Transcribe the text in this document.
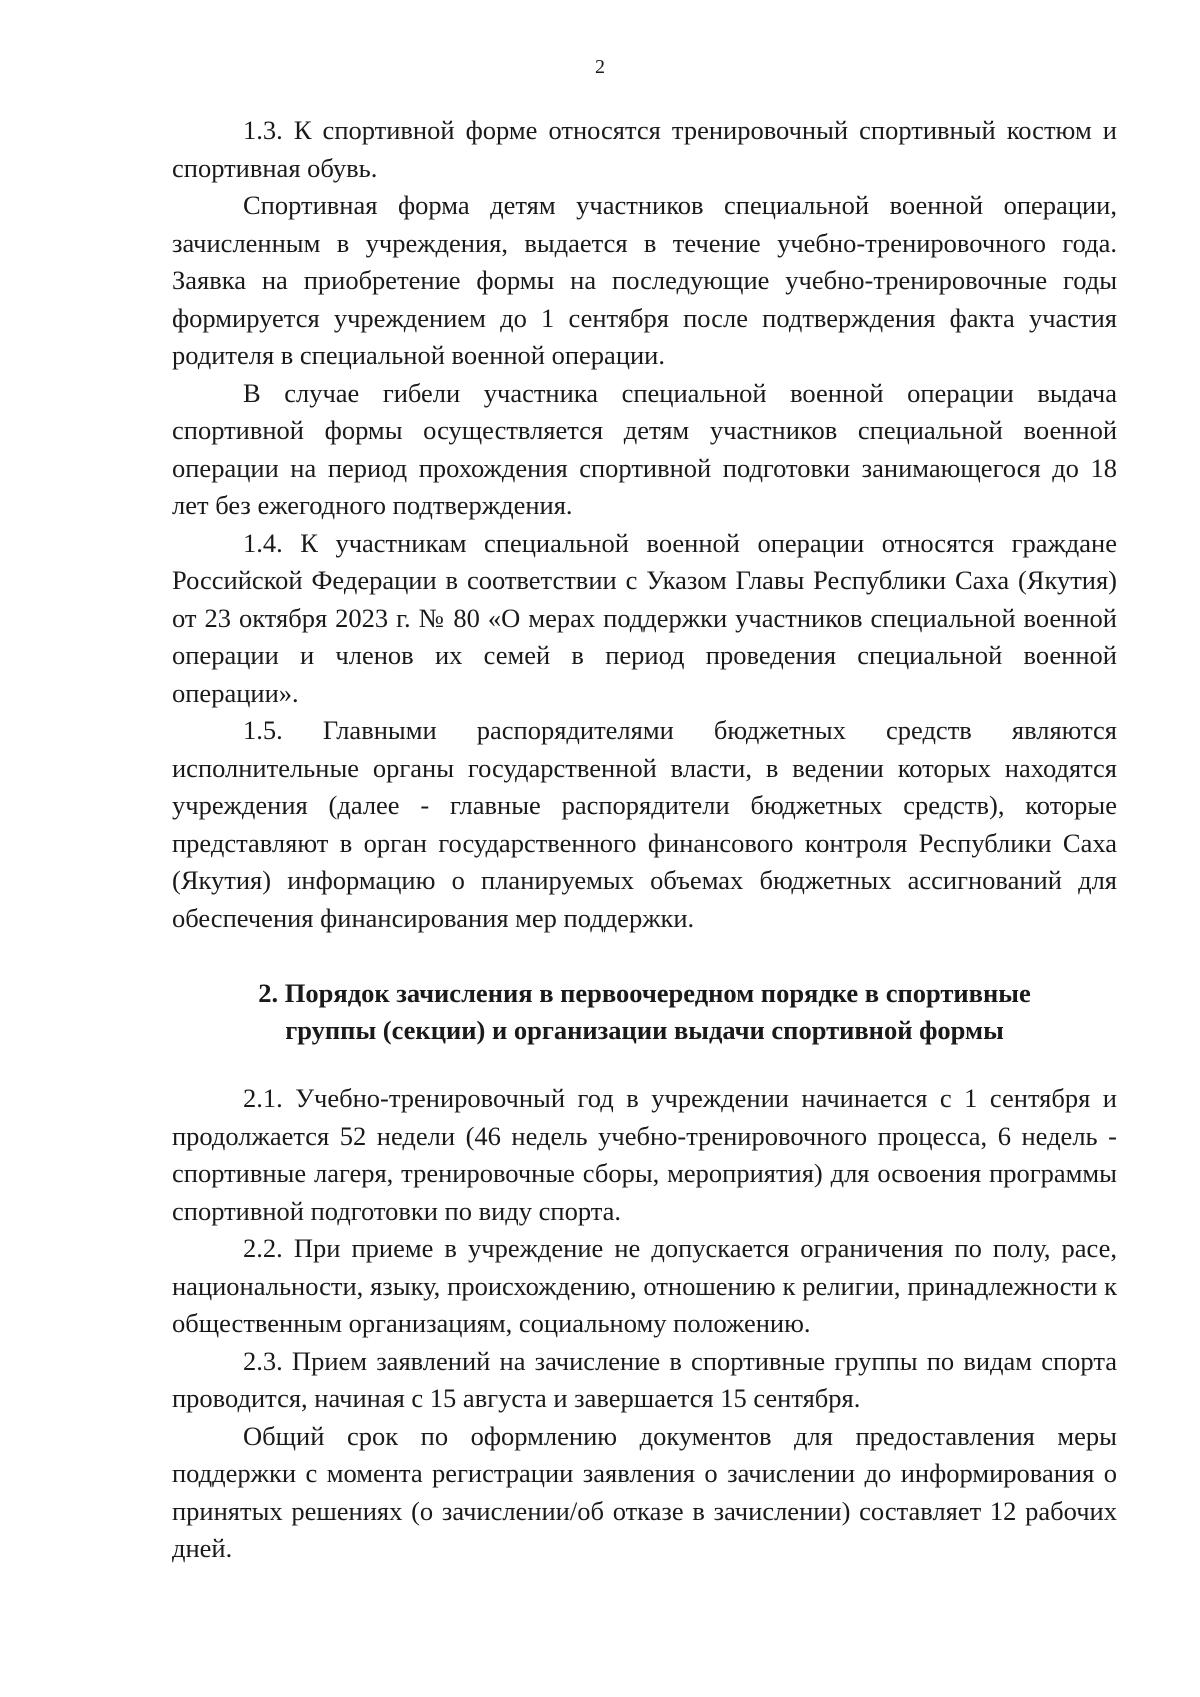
2

1.3. К спортивной форме относятся тренировочный спортивный костюм и спортивная обувь.

Спортивная форма детям участников специальной военной операции, зачисленным в учреждения, выдается в течение учебно-тренировочного года. Заявка на приобретение формы на последующие учебно-тренировочные годы формируется учреждением до 1 сентября после подтверждения факта участия родителя в специальной военной операции.

В случае гибели участника специальной военной операции выдача спортивной формы осуществляется детям участников специальной военной операции на период прохождения спортивной подготовки занимающегося до 18 лет без ежегодного подтверждения.

1.4. К участникам специальной военной операции относятся граждане Российской Федерации в соответствии с Указом Главы Республики Саха (Якутия) от 23 октября 2023 г. № 80 «О мерах поддержки участников специальной военной операции и членов их семей в период проведения специальной военной операции».

1.5. Главными распорядителями бюджетных средств являются исполнительные органы государственной власти, в ведении которых находятся учреждения (далее - главные распорядители бюджетных средств), которые представляют в орган государственного финансового контроля Республики Саха (Якутия) информацию о планируемых объемах бюджетных ассигнований для обеспечения финансирования мер поддержки.

2. Порядок зачисления в первоочередном порядке в спортивные
группы (секции) и организации выдачи спортивной формы

2.1. Учебно-тренировочный год в учреждении начинается с 1 сентября и продолжается 52 недели (46 недель учебно-тренировочного процесса, 6 недель - спортивные лагеря, тренировочные сборы, мероприятия) для освоения программы спортивной подготовки по виду спорта.

2.2. При приеме в учреждение не допускается ограничения по полу, расе, национальности, языку, происхождению, отношению к религии, принадлежности к общественным организациям, социальному положению.

2.3. Прием заявлений на зачисление в спортивные группы по видам спорта проводится, начиная с 15 августа и завершается 15 сентября.

Общий срок по оформлению документов для предоставления меры поддержки с момента регистрации заявления о зачислении до информирования о принятых решениях (о зачислении/об отказе в зачислении) составляет 12 рабочих дней.
